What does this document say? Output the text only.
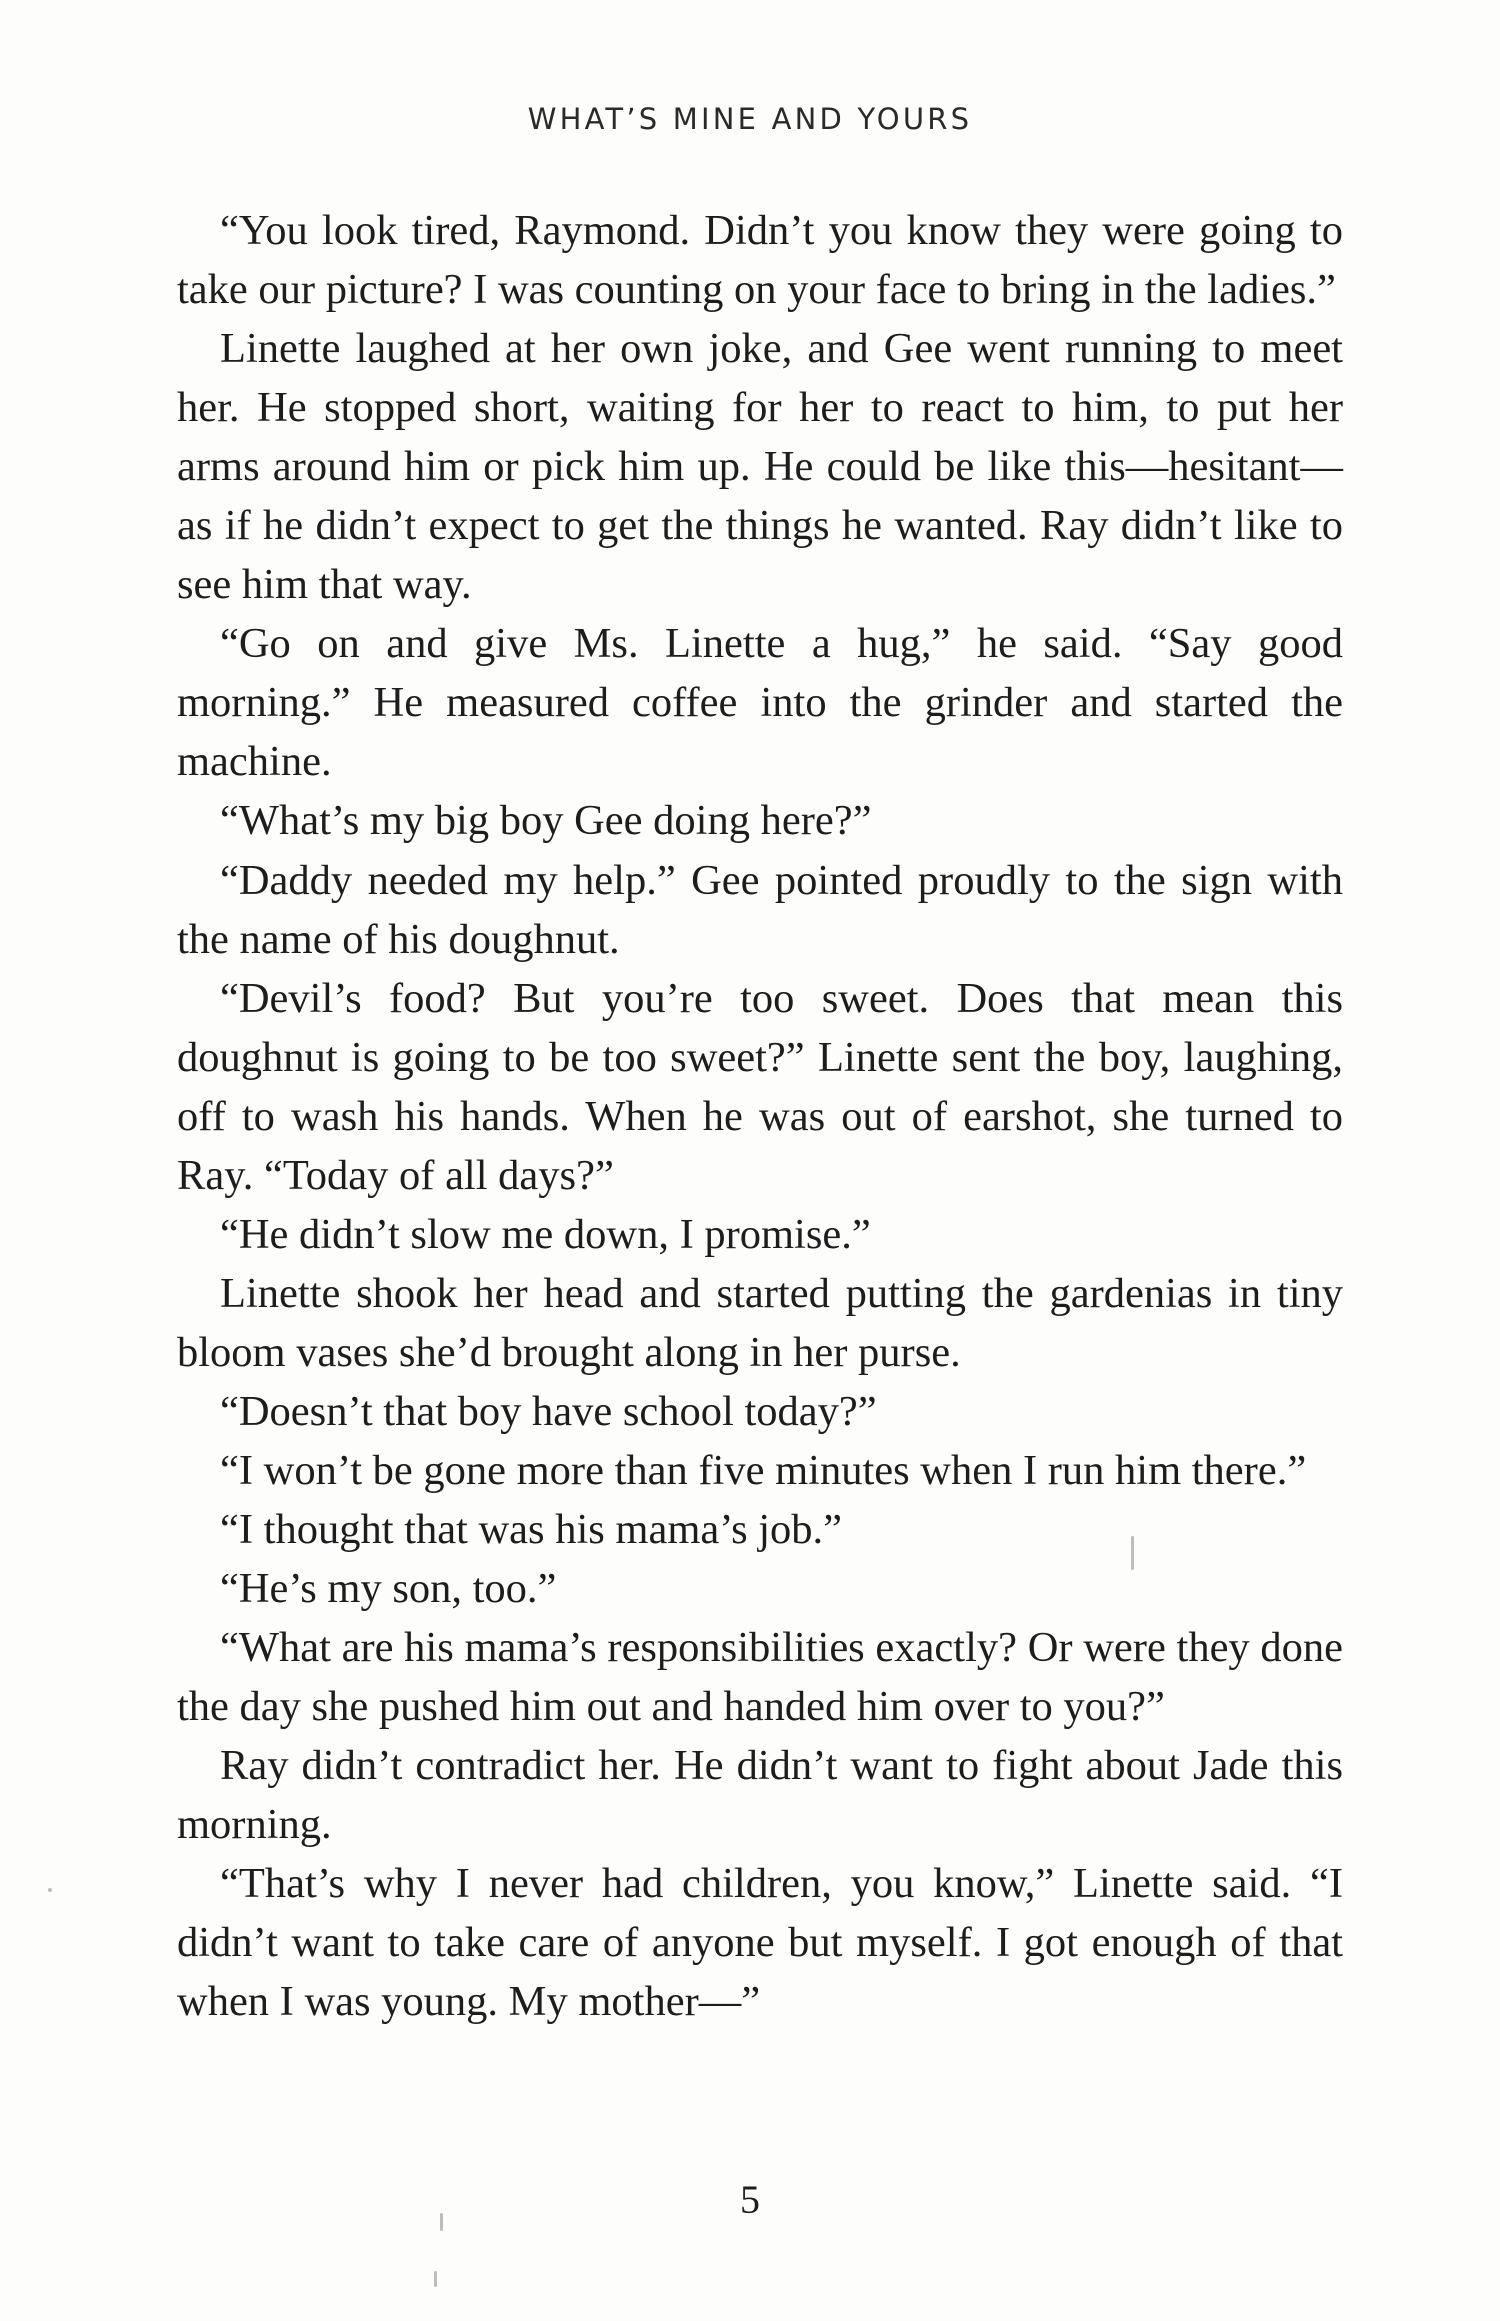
WHAT’S MINE AND YOURS

“You look tired, Raymond. Didn’t you know they were going to take our picture? I was counting on your face to bring in the ladies.”

Linette laughed at her own joke, and Gee went running to meet her. He stopped short, waiting for her to react to him, to put her arms around him or pick him up. He could be like this—hesitant—as if he didn’t expect to get the things he wanted. Ray didn’t like to see him that way.

“Go on and give Ms. Linette a hug,” he said. “Say good morning.” He measured coffee into the grinder and started the machine.

“What’s my big boy Gee doing here?”

“Daddy needed my help.” Gee pointed proudly to the sign with the name of his doughnut.

“Devil’s food? But you’re too sweet. Does that mean this doughnut is going to be too sweet?” Linette sent the boy, laughing, off to wash his hands. When he was out of earshot, she turned to Ray. “Today of all days?”

“He didn’t slow me down, I promise.”

Linette shook her head and started putting the gardenias in tiny bloom vases she’d brought along in her purse.

“Doesn’t that boy have school today?”

“I won’t be gone more than five minutes when I run him there.”

“I thought that was his mama’s job.”

“He’s my son, too.”

“What are his mama’s responsibilities exactly? Or were they done the day she pushed him out and handed him over to you?”

Ray didn’t contradict her. He didn’t want to fight about Jade this morning.

“That’s why I never had children, you know,” Linette said. “I didn’t want to take care of anyone but myself. I got enough of that when I was young. My mother—”

5
